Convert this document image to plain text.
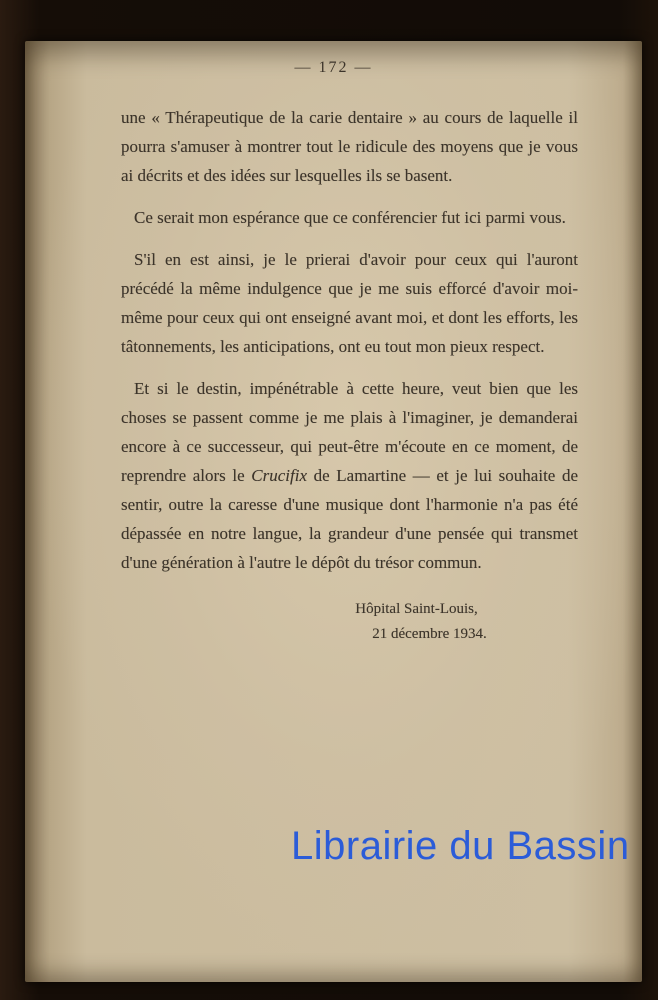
— 172 —

une « Thérapeutique de la carie dentaire » au cours de laquelle il pourra s'amuser à montrer tout le ridicule des moyens que je vous ai décrits et des idées sur lesquelles ils se basent.

Ce serait mon espérance que ce conférencier fut ici parmi vous.

S'il en est ainsi, je le prierai d'avoir pour ceux qui l'auront précédé la même indulgence que je me suis efforcé d'avoir moi-même pour ceux qui ont enseigné avant moi, et dont les efforts, les tâtonnements, les anticipations, ont eu tout mon pieux respect.

Et si le destin, impénétrable à cette heure, veut bien que les choses se passent comme je me plais à l'imaginer, je demanderai encore à ce successeur, qui peut-être m'écoute en ce moment, de reprendre alors le Crucifix de Lamartine — et je lui souhaite de sentir, outre la caresse d'une musique dont l'harmonie n'a pas été dépassée en notre langue, la grandeur d'une pensée qui transmet d'une génération à l'autre le dépôt du trésor commun.

Hôpital Saint-Louis,
21 décembre 1934.
Librairie du Bassin
